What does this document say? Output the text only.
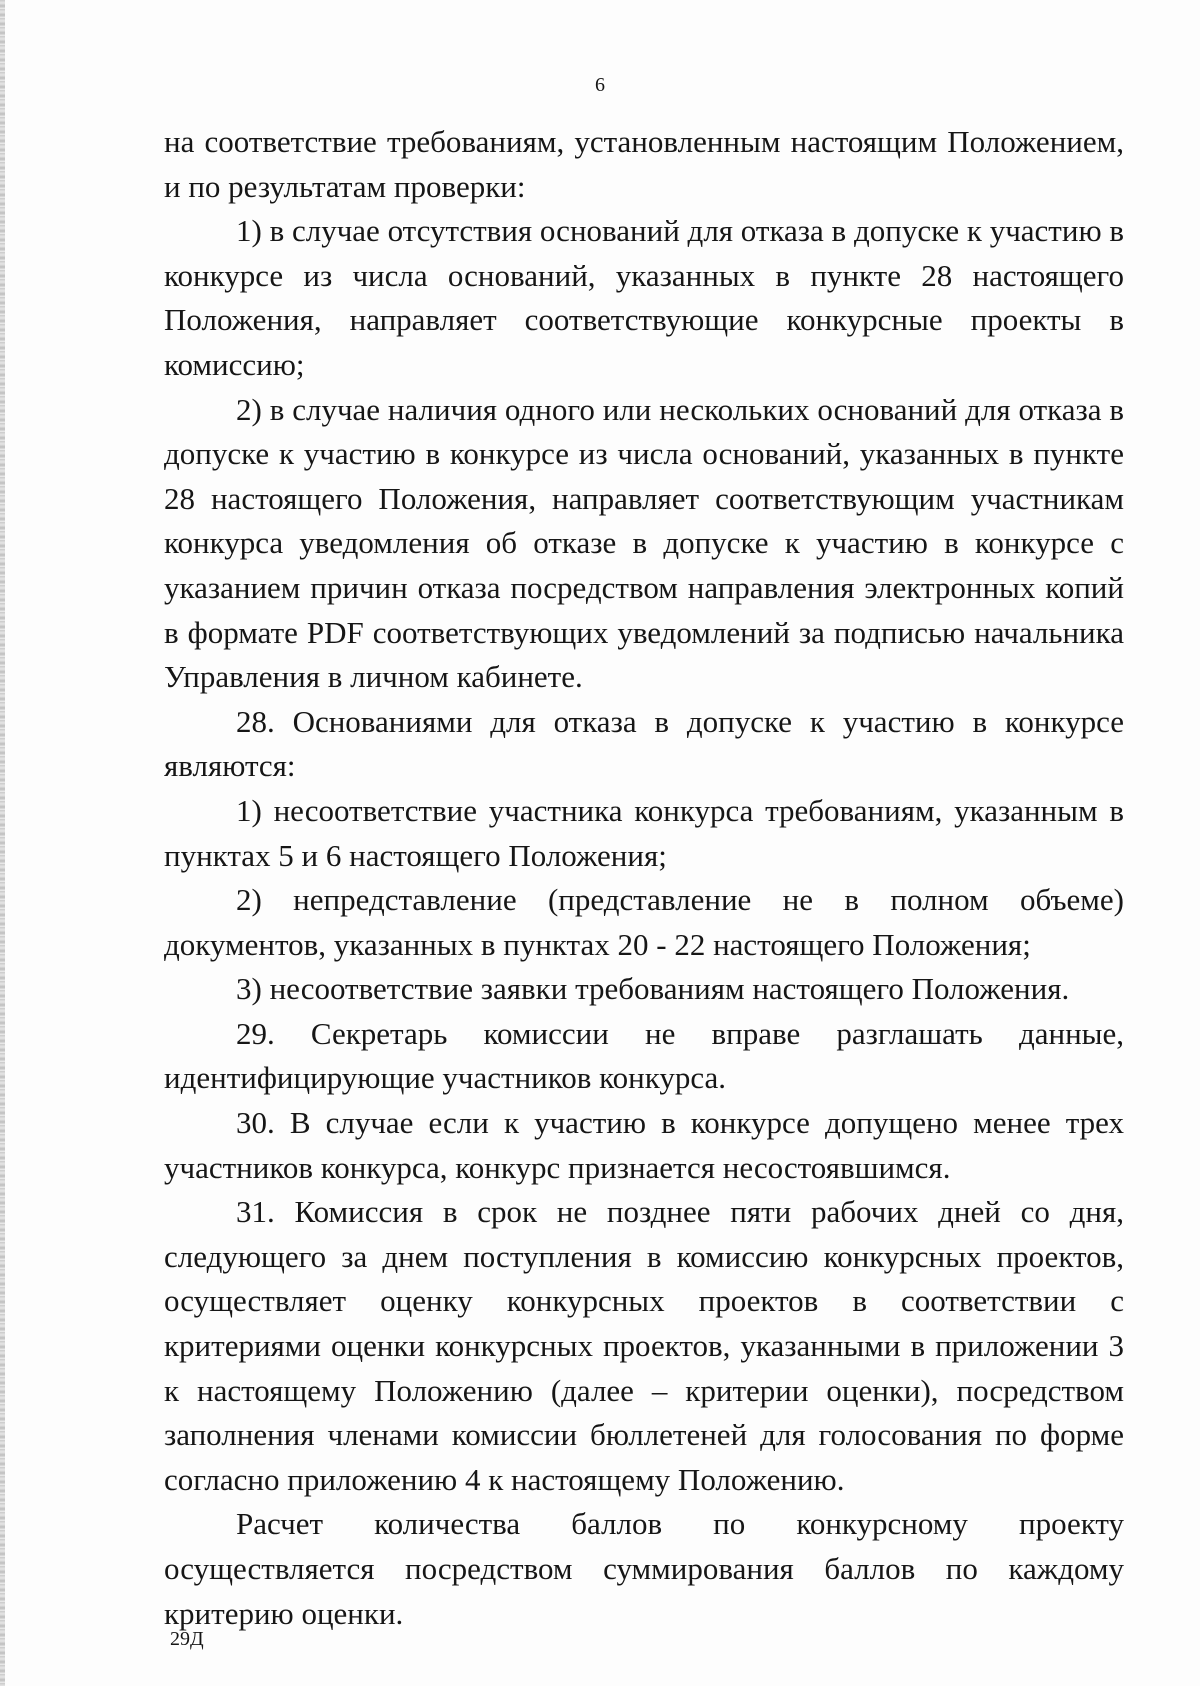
6

на соответствие требованиям, установленным настоящим Положением, и по результатам проверки:

1) в случае отсутствия оснований для отказа в допуске к участию в конкурсе из числа оснований, указанных в пункте 28 настоящего Положения, направляет соответствующие конкурсные проекты в комиссию;

2) в случае наличия одного или нескольких оснований для отказа в допуске к участию в конкурсе из числа оснований, указанных в пункте 28 настоящего Положения, направляет соответствующим участникам конкурса уведомления об отказе в допуске к участию в конкурсе с указанием причин отказа посредством направления электронных копий в формате PDF соответствующих уведомлений за подписью начальника Управления в личном кабинете.

28. Основаниями для отказа в допуске к участию в конкурсе являются:

1) несоответствие участника конкурса требованиям, указанным в пунктах 5 и 6 настоящего Положения;

2) непредставление (представление не в полном объеме) документов, указанных в пунктах 20 - 22 настоящего Положения;

3) несоответствие заявки требованиям настоящего Положения.

29. Секретарь комиссии не вправе разглашать данные, идентифицирующие участников конкурса.

30. В случае если к участию в конкурсе допущено менее трех участников конкурса, конкурс признается несостоявшимся.

31. Комиссия в срок не позднее пяти рабочих дней со дня, следующего за днем поступления в комиссию конкурсных проектов, осуществляет оценку конкурсных проектов в соответствии с критериями оценки конкурсных проектов, указанными в приложении 3 к настоящему Положению (далее – критерии оценки), посредством заполнения членами комиссии бюллетеней для голосования по форме согласно приложению 4 к настоящему Положению.

Расчет количества баллов по конкурсному проекту осуществляется посредством суммирования баллов по каждому критерию оценки.

29Д
